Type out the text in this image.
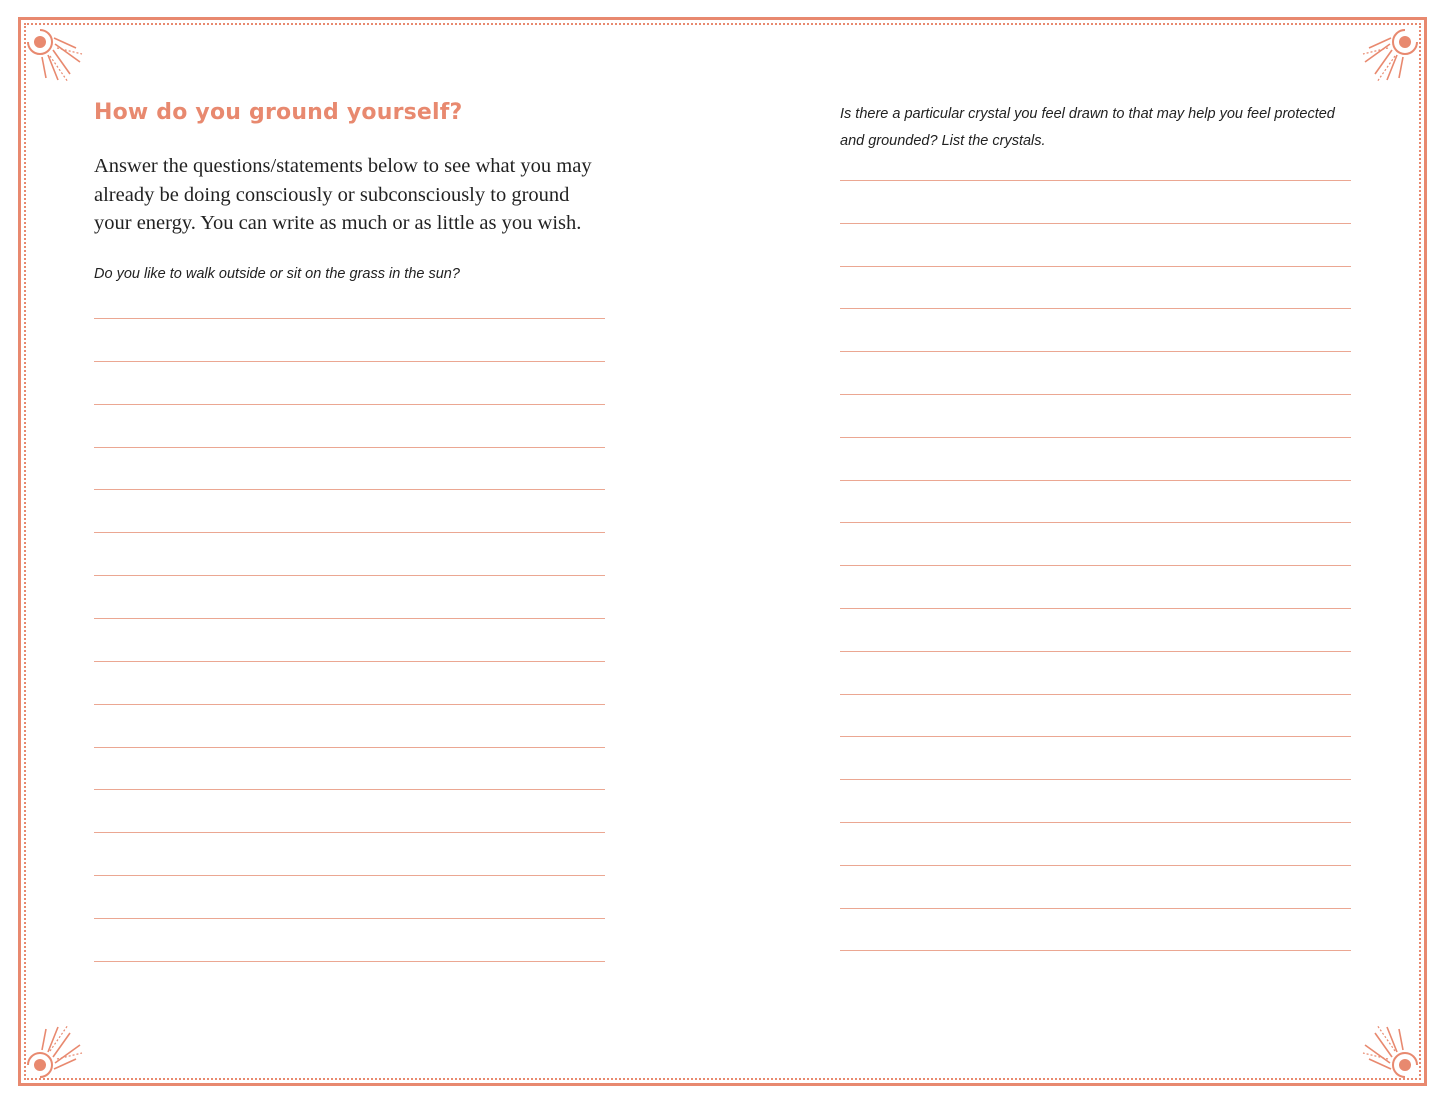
How do you ground yourself?

Answer the questions/statements below to see what you may already be doing consciously or subconsciously to ground your energy. You can write as much or as little as you wish.

Do you like to walk outside or sit on the grass in the sun?

Is there a particular crystal you feel drawn to that may help you feel protected and grounded? List the crystals.
